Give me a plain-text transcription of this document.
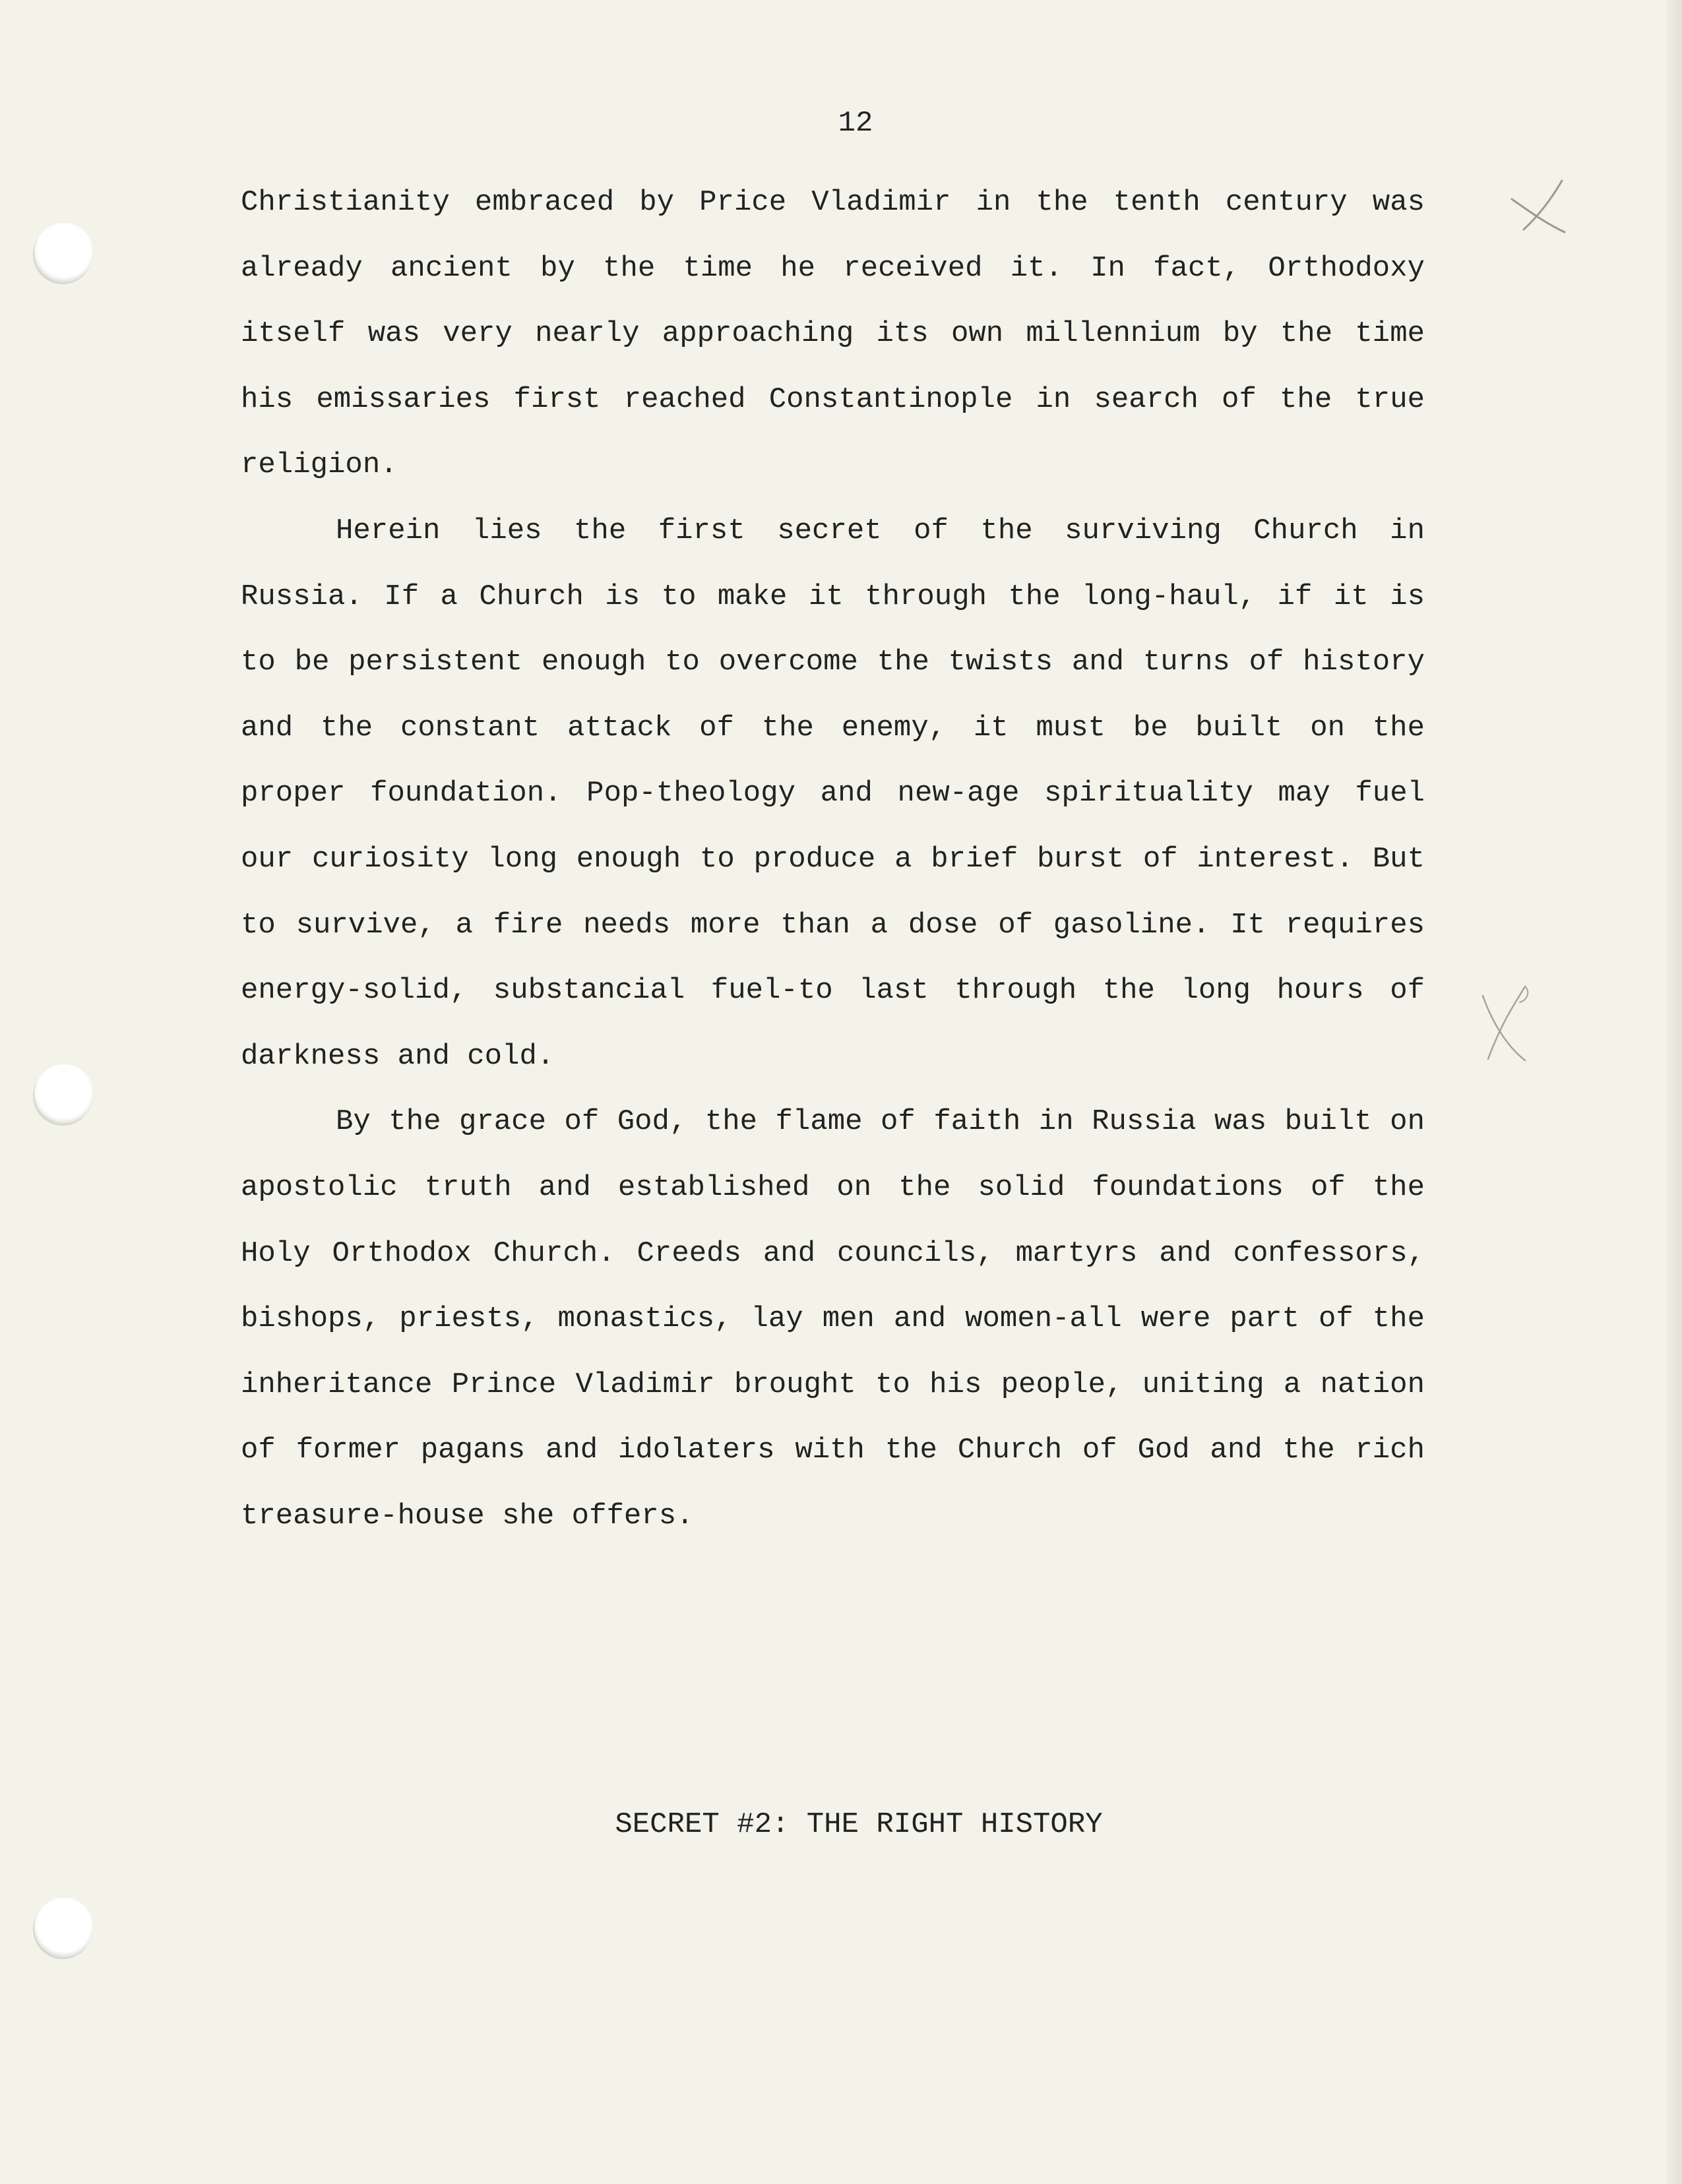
12

Christianity embraced by Price Vladimir in the tenth century was already ancient by the time he received it. In fact, Orthodoxy itself was very nearly approaching its own millennium by the time his emissaries first reached Constantinople in search of the true religion.

Herein lies the first secret of the surviving Church in Russia. If a Church is to make it through the long-haul, if it is to be persistent enough to overcome the twists and turns of history and the constant attack of the enemy, it must be built on the proper foundation. Pop-theology and new-age spirituality may fuel our curiosity long enough to produce a brief burst of interest. But to survive, a fire needs more than a dose of gasoline. It requires energy-solid, substancial fuel-to last through the long hours of darkness and cold.

By the grace of God, the flame of faith in Russia was built on apostolic truth and established on the solid foundations of the Holy Orthodox Church. Creeds and councils, martyrs and confessors, bishops, priests, monastics, lay men and women-all were part of the inheritance Prince Vladimir brought to his people, uniting a nation of former pagans and idolaters with the Church of God and the rich treasure-house she offers.

SECRET #2: THE RIGHT HISTORY
